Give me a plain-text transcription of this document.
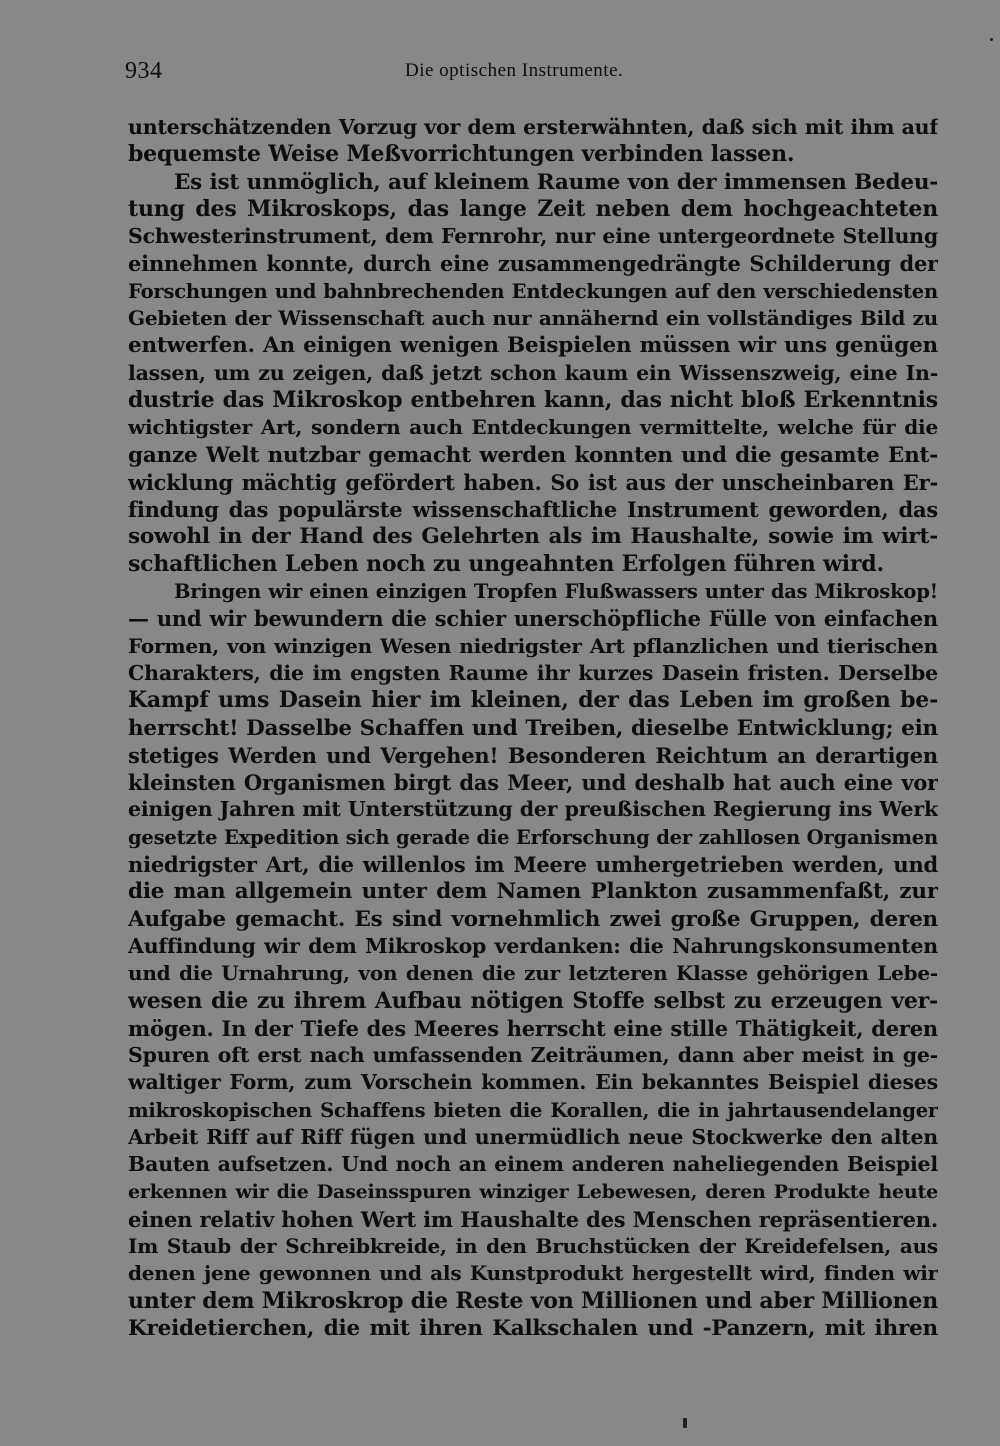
934	Die optischen Instrumente.
unterschätzenden Vorzug vor dem ersterwähnten, daß sich mit ihm auf
bequemste Weise Meßvorrichtungen verbinden lassen.
Es ist unmöglich, auf kleinem Raume von der immensen Bedeu-
tung des Mikroskops, das lange Zeit neben dem hochgeachteten
Schwesterinstrument, dem Fernrohr, nur eine untergeordnete Stellung
einnehmen konnte, durch eine zusammengedrängte Schilderung der
Forschungen und bahnbrechenden Entdeckungen auf den verschiedensten
Gebieten der Wissenschaft auch nur annähernd ein vollständiges Bild zu
entwerfen. An einigen wenigen Beispielen müssen wir uns genügen
lassen, um zu zeigen, daß jetzt schon kaum ein Wissenszweig, eine In-
dustrie das Mikroskop entbehren kann, das nicht bloß Erkenntnis
wichtigster Art, sondern auch Entdeckungen vermittelte, welche für die
ganze Welt nutzbar gemacht werden konnten und die gesamte Ent-
wicklung mächtig gefördert haben. So ist aus der unscheinbaren Er-
findung das populärste wissenschaftliche Instrument geworden, das
sowohl in der Hand des Gelehrten als im Haushalte, sowie im wirt-
schaftlichen Leben noch zu ungeahnten Erfolgen führen wird.
Bringen wir einen einzigen Tropfen Flußwassers unter das Mikroskop!
— und wir bewundern die schier unerschöpfliche Fülle von einfachen
Formen, von winzigen Wesen niedrigster Art pflanzlichen und tierischen
Charakters, die im engsten Raume ihr kurzes Dasein fristen. Derselbe
Kampf ums Dasein hier im kleinen, der das Leben im großen be-
herrscht! Dasselbe Schaffen und Treiben, dieselbe Entwicklung; ein
stetiges Werden und Vergehen! Besonderen Reichtum an derartigen
kleinsten Organismen birgt das Meer, und deshalb hat auch eine vor
einigen Jahren mit Unterstützung der preußischen Regierung ins Werk
gesetzte Expedition sich gerade die Erforschung der zahllosen Organismen
niedrigster Art, die willenlos im Meere umhergetrieben werden, und
die man allgemein unter dem Namen Plankton zusammenfaßt, zur
Aufgabe gemacht. Es sind vornehmlich zwei große Gruppen, deren
Auffindung wir dem Mikroskop verdanken: die Nahrungskonsumenten
und die Urnahrung, von denen die zur letzteren Klasse gehörigen Lebe-
wesen die zu ihrem Aufbau nötigen Stoffe selbst zu erzeugen ver-
mögen. In der Tiefe des Meeres herrscht eine stille Thätigkeit, deren
Spuren oft erst nach umfassenden Zeiträumen, dann aber meist in ge-
waltiger Form, zum Vorschein kommen. Ein bekanntes Beispiel dieses
mikroskopischen Schaffens bieten die Korallen, die in jahrtausendelanger
Arbeit Riff auf Riff fügen und unermüdlich neue Stockwerke den alten
Bauten aufsetzen. Und noch an einem anderen naheliegenden Beispiel
erkennen wir die Daseinsspuren winziger Lebewesen, deren Produkte heute
einen relativ hohen Wert im Haushalte des Menschen repräsentieren.
Im Staub der Schreibkreide, in den Bruchstücken der Kreidefelsen, aus
denen jene gewonnen und als Kunstprodukt hergestellt wird, finden wir
unter dem Mikroskrop die Reste von Millionen und aber Millionen
Kreidetierchen, die mit ihren Kalkschalen und -Panzern, mit ihren
